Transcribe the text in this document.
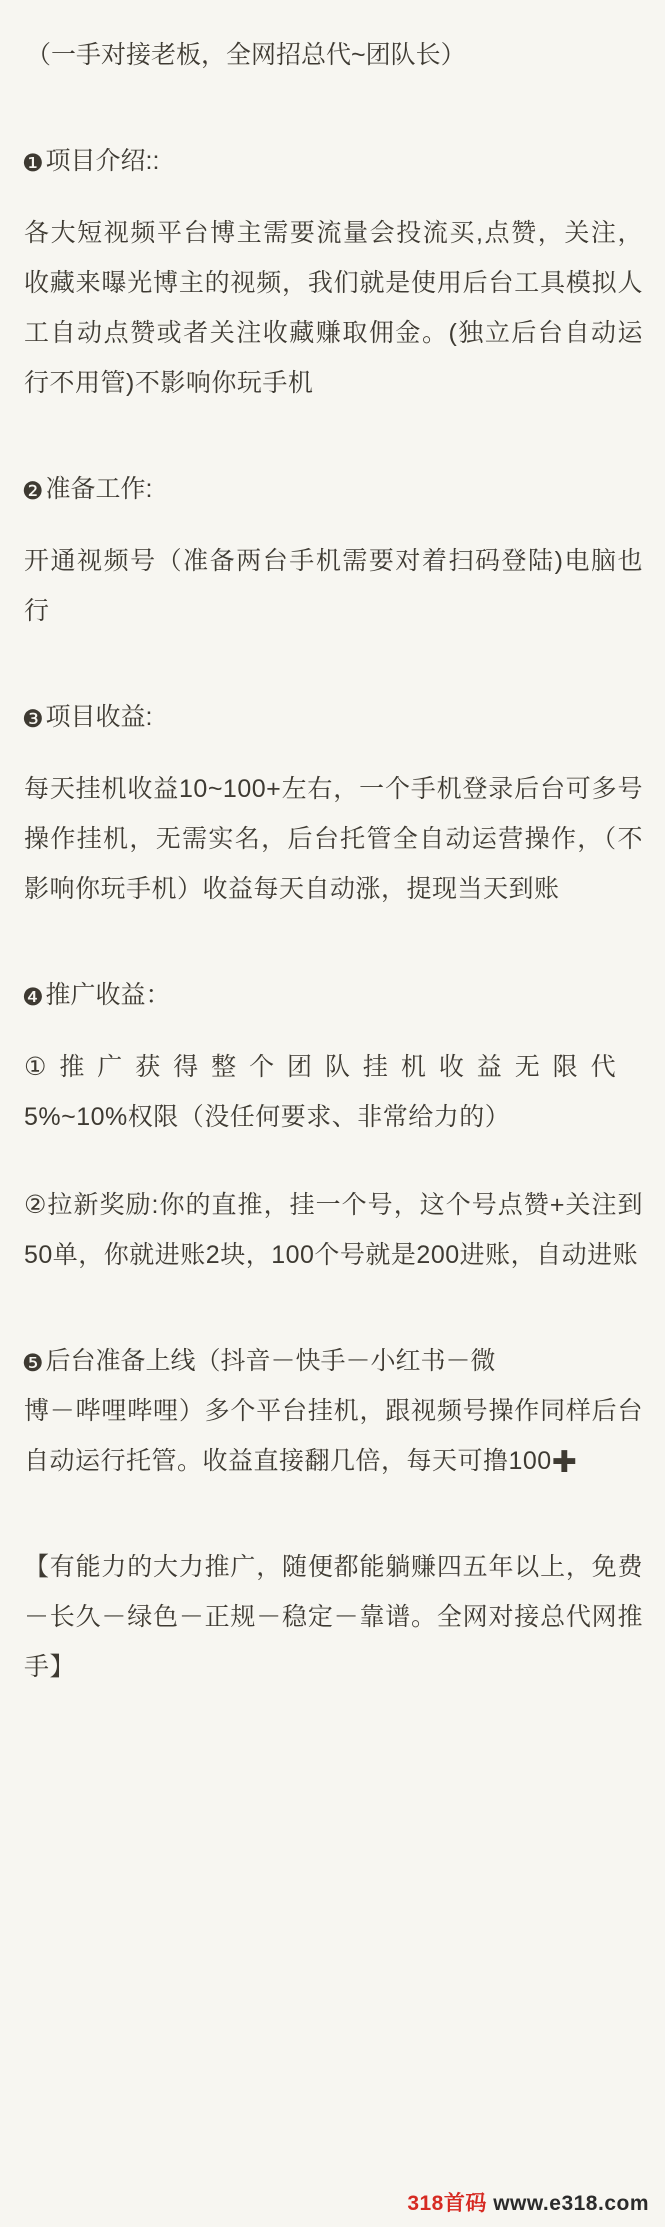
（一手对接老板，全网招总代~团队长）
❶项目介绍::

各大短视频平台博主需要流量会投流买,点赞，关注，收藏来曝光博主的视频，我们就是使用后台工具模拟人工自动点赞或者关注收藏赚取佣金。(独立后台自动运行不用管)不影响你玩手机

❷准备工作:

开通视频号（准备两台手机需要对着扫码登陆)电脑也行

❸项目收益:

每天挂机收益10~100+左右，一个手机登录后台可多号操作挂机，无需实名，后台托管全自动运营操作，（不影响你玩手机）收益每天自动涨，提现当天到账

❹推广收益：

① 推 广 获 得 整 个 团 队 挂 机 收 益 无 限 代
5%~10%权限（没任何要求、非常给力的）

②拉新奖励:你的直推，挂一个号，这个号点赞+关注到50单，你就进账2块，100个号就是200进账，自动进账

❺后台准备上线（抖音－快手－小红书－微

博－哔哩哔哩）多个平台挂机，跟视频号操作同样后台自动运行托管。收益直接翻几倍，每天可撸100✚

【有能力的大力推广，随便都能躺赚四五年以上，免费－长久－绿色－正规－稳定－靠谱。全网对接总代网推手】

318首码 www.e318.com
